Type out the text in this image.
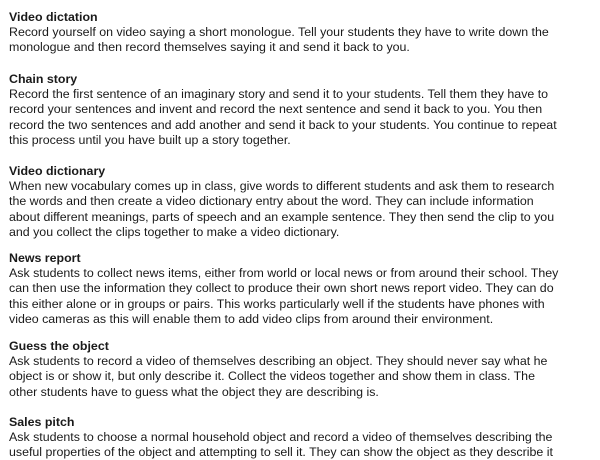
Video dictation

Record yourself on video saying a short monologue. Tell your students they have to write down the
monologue and then record themselves saying it and send it back to you.

Chain story

Record the first sentence of an imaginary story and send it to your students. Tell them they have to
record your sentences and invent and record the next sentence and send it back to you. You then
record the two sentences and add another and send it back to your students. You continue to repeat
this process until you have built up a story together.

Video dictionary

When new vocabulary comes up in class, give words to different students and ask them to research
the words and then create a video dictionary entry about the word. They can include information
about different meanings, parts of speech and an example sentence. They then send the clip to you
and you collect the clips together to make a video dictionary.

News report

Ask students to collect news items, either from world or local news or from around their school. They
can then use the information they collect to produce their own short news report video. They can do
this either alone or in groups or pairs. This works particularly well if the students have phones with
video cameras as this will enable them to add video clips from around their environment.

Guess the object

Ask students to record a video of themselves describing an object. They should never say what he
object is or show it, but only describe it. Collect the videos together and show them in class. The
other students have to guess what the object they are describing is.

Sales pitch

Ask students to choose a normal household object and record a video of themselves describing the
useful properties of the object and attempting to sell it. They can show the object as they describe it
